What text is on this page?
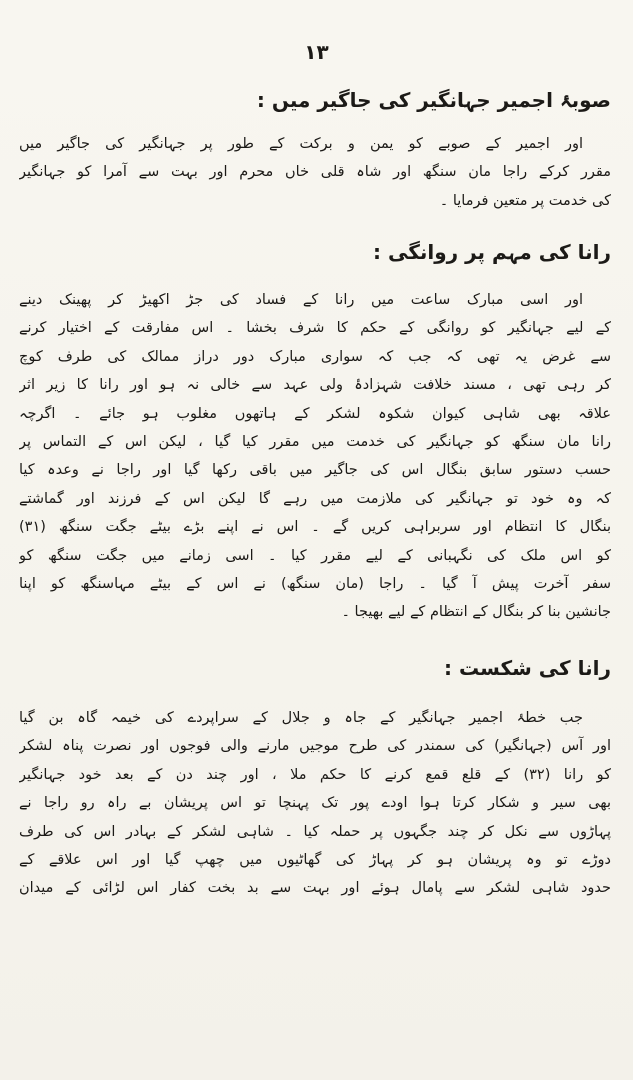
۱۳
صوبۂ اجمیر جہانگیر کی جاگیر میں :
اور اجمیر کے صوبے کو یمن و برکت کے طور پر جہانگیر کی جاگیر میں
مقرر کرکے راجا مان سنگھ اور شاہ قلی خاں محرم اور بہت سے آمرا کو جہانگیر
کی خدمت پر متعین فرمایا ۔
رانا کی مہم پر روانگی :
اور اسی مبارک ساعت میں رانا کے فساد کی جڑ اکھیڑ کر پھینک دینے
کے لیے جہانگیر کو روانگی کے حکم کا شرف بخشا ۔ اس مفارقت کے اختیار کرنے
سے غرض یہ تھی کہ جب کہ سواری مبارک دور دراز ممالک کی طرف کوچ
کر رہی تھی ، مسند خلافت شہزادۂ ولی عہد سے خالی نہ ہو اور رانا کا زیر اثر
علاقہ بھی شاہی کیوان شکوہ لشکر کے ہاتھوں مغلوب ہو جائے ۔ اگرچہ
رانا مان سنگھ کو جہانگیر کی خدمت میں مقرر کیا گیا ، لیکن اس کے التماس پر
حسب دستور سابق بنگال اس کی جاگیر میں باقی رکھا گیا اور راجا نے وعدہ کیا
کہ وہ خود تو جہانگیر کی ملازمت میں رہے گا لیکن اس کے فرزند اور گماشتے
بنگال کا انتظام اور سربراہی کریں گے ۔ اس نے اپنے بڑے بیٹے جگت سنگھ (۳۱)
کو اس ملک کی نگہبانی کے لیے مقرر کیا ۔ اسی زمانے میں جگت سنگھ کو
سفر آخرت پیش آ گیا ۔ راجا (مان سنگھ) نے اس کے بیٹے مہاسنگھ کو اپنا
جانشین بنا کر بنگال کے انتظام کے لیے بھیجا ۔
رانا کی شکست :
جب خطۂ اجمیر جہانگیر کے جاہ و جلال کے سراپردے کی خیمہ گاہ بن گیا
اور آس (جہانگیر) کی سمندر کی طرح موجیں مارنے والی فوجوں اور نصرت پناہ لشکر
کو رانا (۳۲) کے قلع قمع کرنے کا حکم ملا ، اور چند دن کے بعد خود جہانگیر
بھی سیر و شکار کرتا ہوا اودے پور تک پہنچا تو اس پریشان بے راہ رو راجا نے
پہاڑوں سے نکل کر چند جگہوں پر حملہ کیا ۔ شاہی لشکر کے بہادر اس کی طرف
دوڑے تو وہ پریشان ہو کر پہاڑ کی گھاٹیوں میں چھپ گیا اور اس علاقے کے
حدود شاہی لشکر سے پامال ہوئے اور بہت سے بد بخت کفار اس لڑائی کے میدان
